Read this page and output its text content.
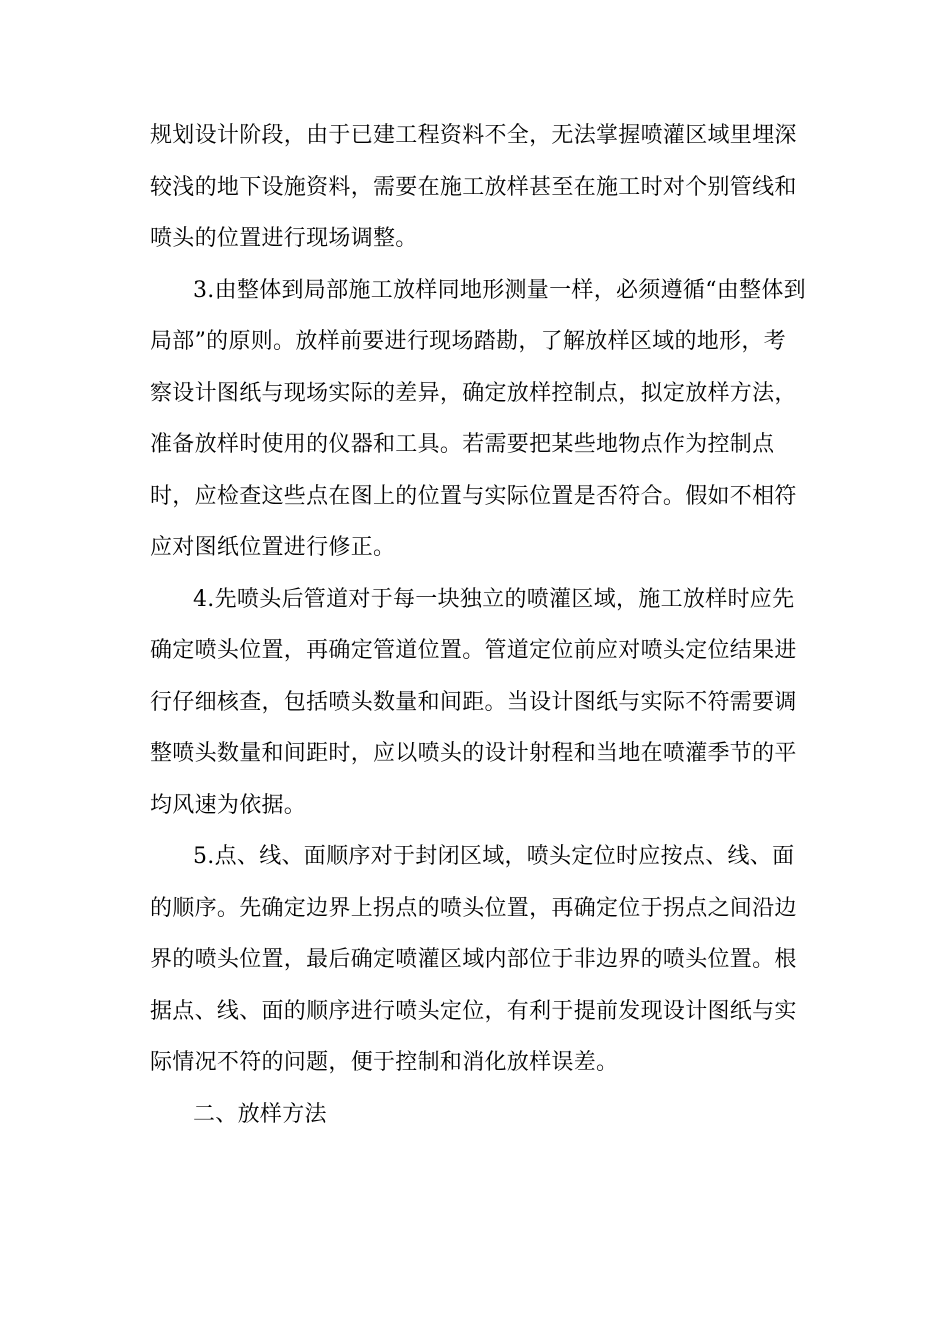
规划设计阶段，由于已建工程资料不全，无法掌握喷灌区域里埋深
较浅的地下设施资料，需要在施工放样甚至在施工时对个别管线和
喷头的位置进行现场调整。
3.由整体到局部施工放样同地形测量一样，必须遵循“由整体到
局部”的原则。放样前要进行现场踏勘，了解放样区域的地形，考
察设计图纸与现场实际的差异，确定放样控制点，拟定放样方法，
准备放样时使用的仪器和工具。若需要把某些地物点作为控制点
时，应检查这些点在图上的位置与实际位置是否符合。假如不相符
应对图纸位置进行修正。
4.先喷头后管道对于每一块独立的喷灌区域，施工放样时应先
确定喷头位置，再确定管道位置。管道定位前应对喷头定位结果进
行仔细核查，包括喷头数量和间距。当设计图纸与实际不符需要调
整喷头数量和间距时，应以喷头的设计射程和当地在喷灌季节的平
均风速为依据。
5.点、线、面顺序对于封闭区域，喷头定位时应按点、线、面
的顺序。先确定边界上拐点的喷头位置，再确定位于拐点之间沿边
界的喷头位置，最后确定喷灌区域内部位于非边界的喷头位置。根
据点、线、面的顺序进行喷头定位，有利于提前发现设计图纸与实
际情况不符的问题，便于控制和消化放样误差。
二、放样方法
